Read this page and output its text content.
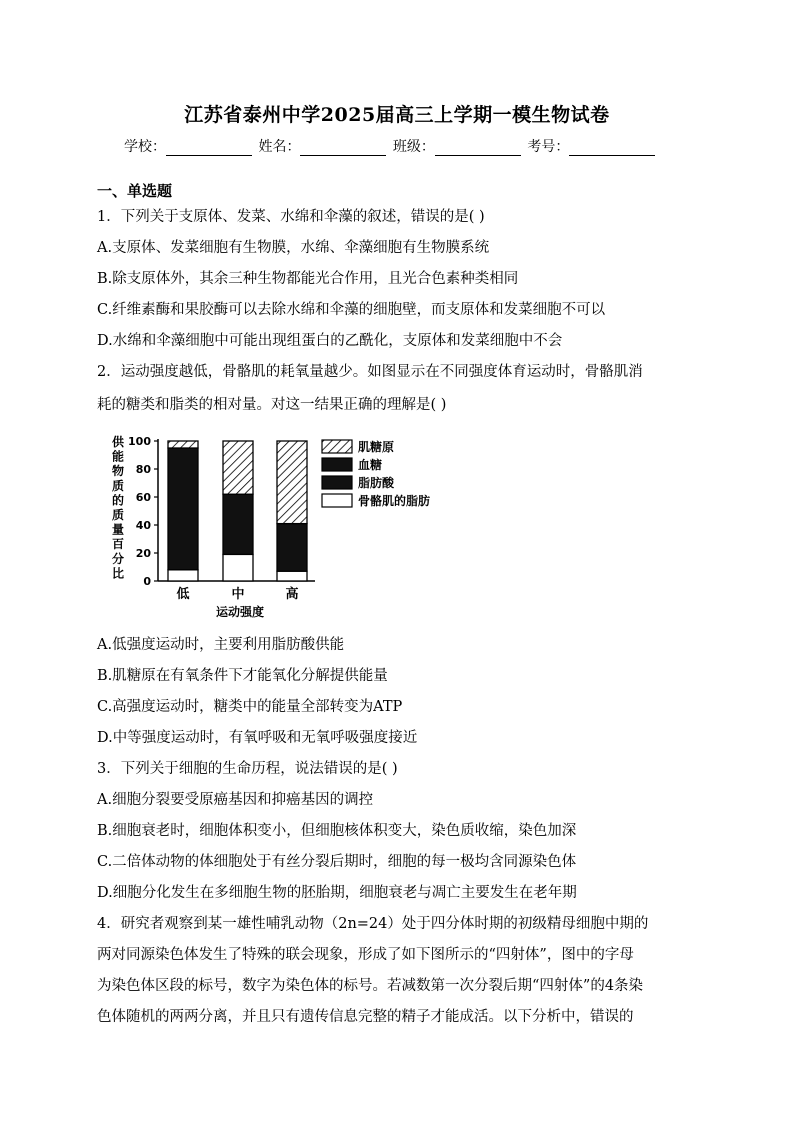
江苏省泰州中学2025届高三上学期一模生物试卷
学校：	姓名：	班级：	考号：
一、单选题
1．下列关于支原体、发菜、水绵和伞藻的叙述，错误的是( )
A.支原体、发菜细胞有生物膜，水绵、伞藻细胞有生物膜系统
B.除支原体外，其余三种生物都能光合作用，且光合色素种类相同
C.纤维素酶和果胶酶可以去除水绵和伞藻的细胞壁，而支原体和发菜细胞不可以
D.水绵和伞藻细胞中可能出现组蛋白的乙酰化，支原体和发菜细胞中不会
2．运动强度越低，骨骼肌的耗氧量越少。如图显示在不同强度体育运动时，骨骼肌消
耗的糖类和脂类的相对量。对这一结果正确的理解是( )
0
20
40
60
80
100
供
能
物
质
的
质
量
百
分
比
低	中	高
运动强度
肌糖原
血糖
脂肪酸
骨骼肌的脂肪
A.低强度运动时，主要利用脂肪酸供能
B.肌糖原在有氧条件下才能氧化分解提供能量
C.高强度运动时，糖类中的能量全部转变为ATP
D.中等强度运动时，有氧呼吸和无氧呼吸强度接近
3．下列关于细胞的生命历程，说法错误的是( )
A.细胞分裂要受原癌基因和抑癌基因的调控
B.细胞衰老时，细胞体积变小，但细胞核体积变大，染色质收缩，染色加深
C.二倍体动物的体细胞处于有丝分裂后期时，细胞的每一极均含同源染色体
D.细胞分化发生在多细胞生物的胚胎期，细胞衰老与凋亡主要发生在老年期
4．研究者观察到某一雄性哺乳动物（2n=24）处于四分体时期的初级精母细胞中期的
两对同源染色体发生了特殊的联会现象，形成了如下图所示的“四射体”，图中的字母
为染色体区段的标号，数字为染色体的标号。若减数第一次分裂后期“四射体”的4条染
色体随机的两两分离，并且只有遗传信息完整的精子才能成活。以下分析中，错误的
